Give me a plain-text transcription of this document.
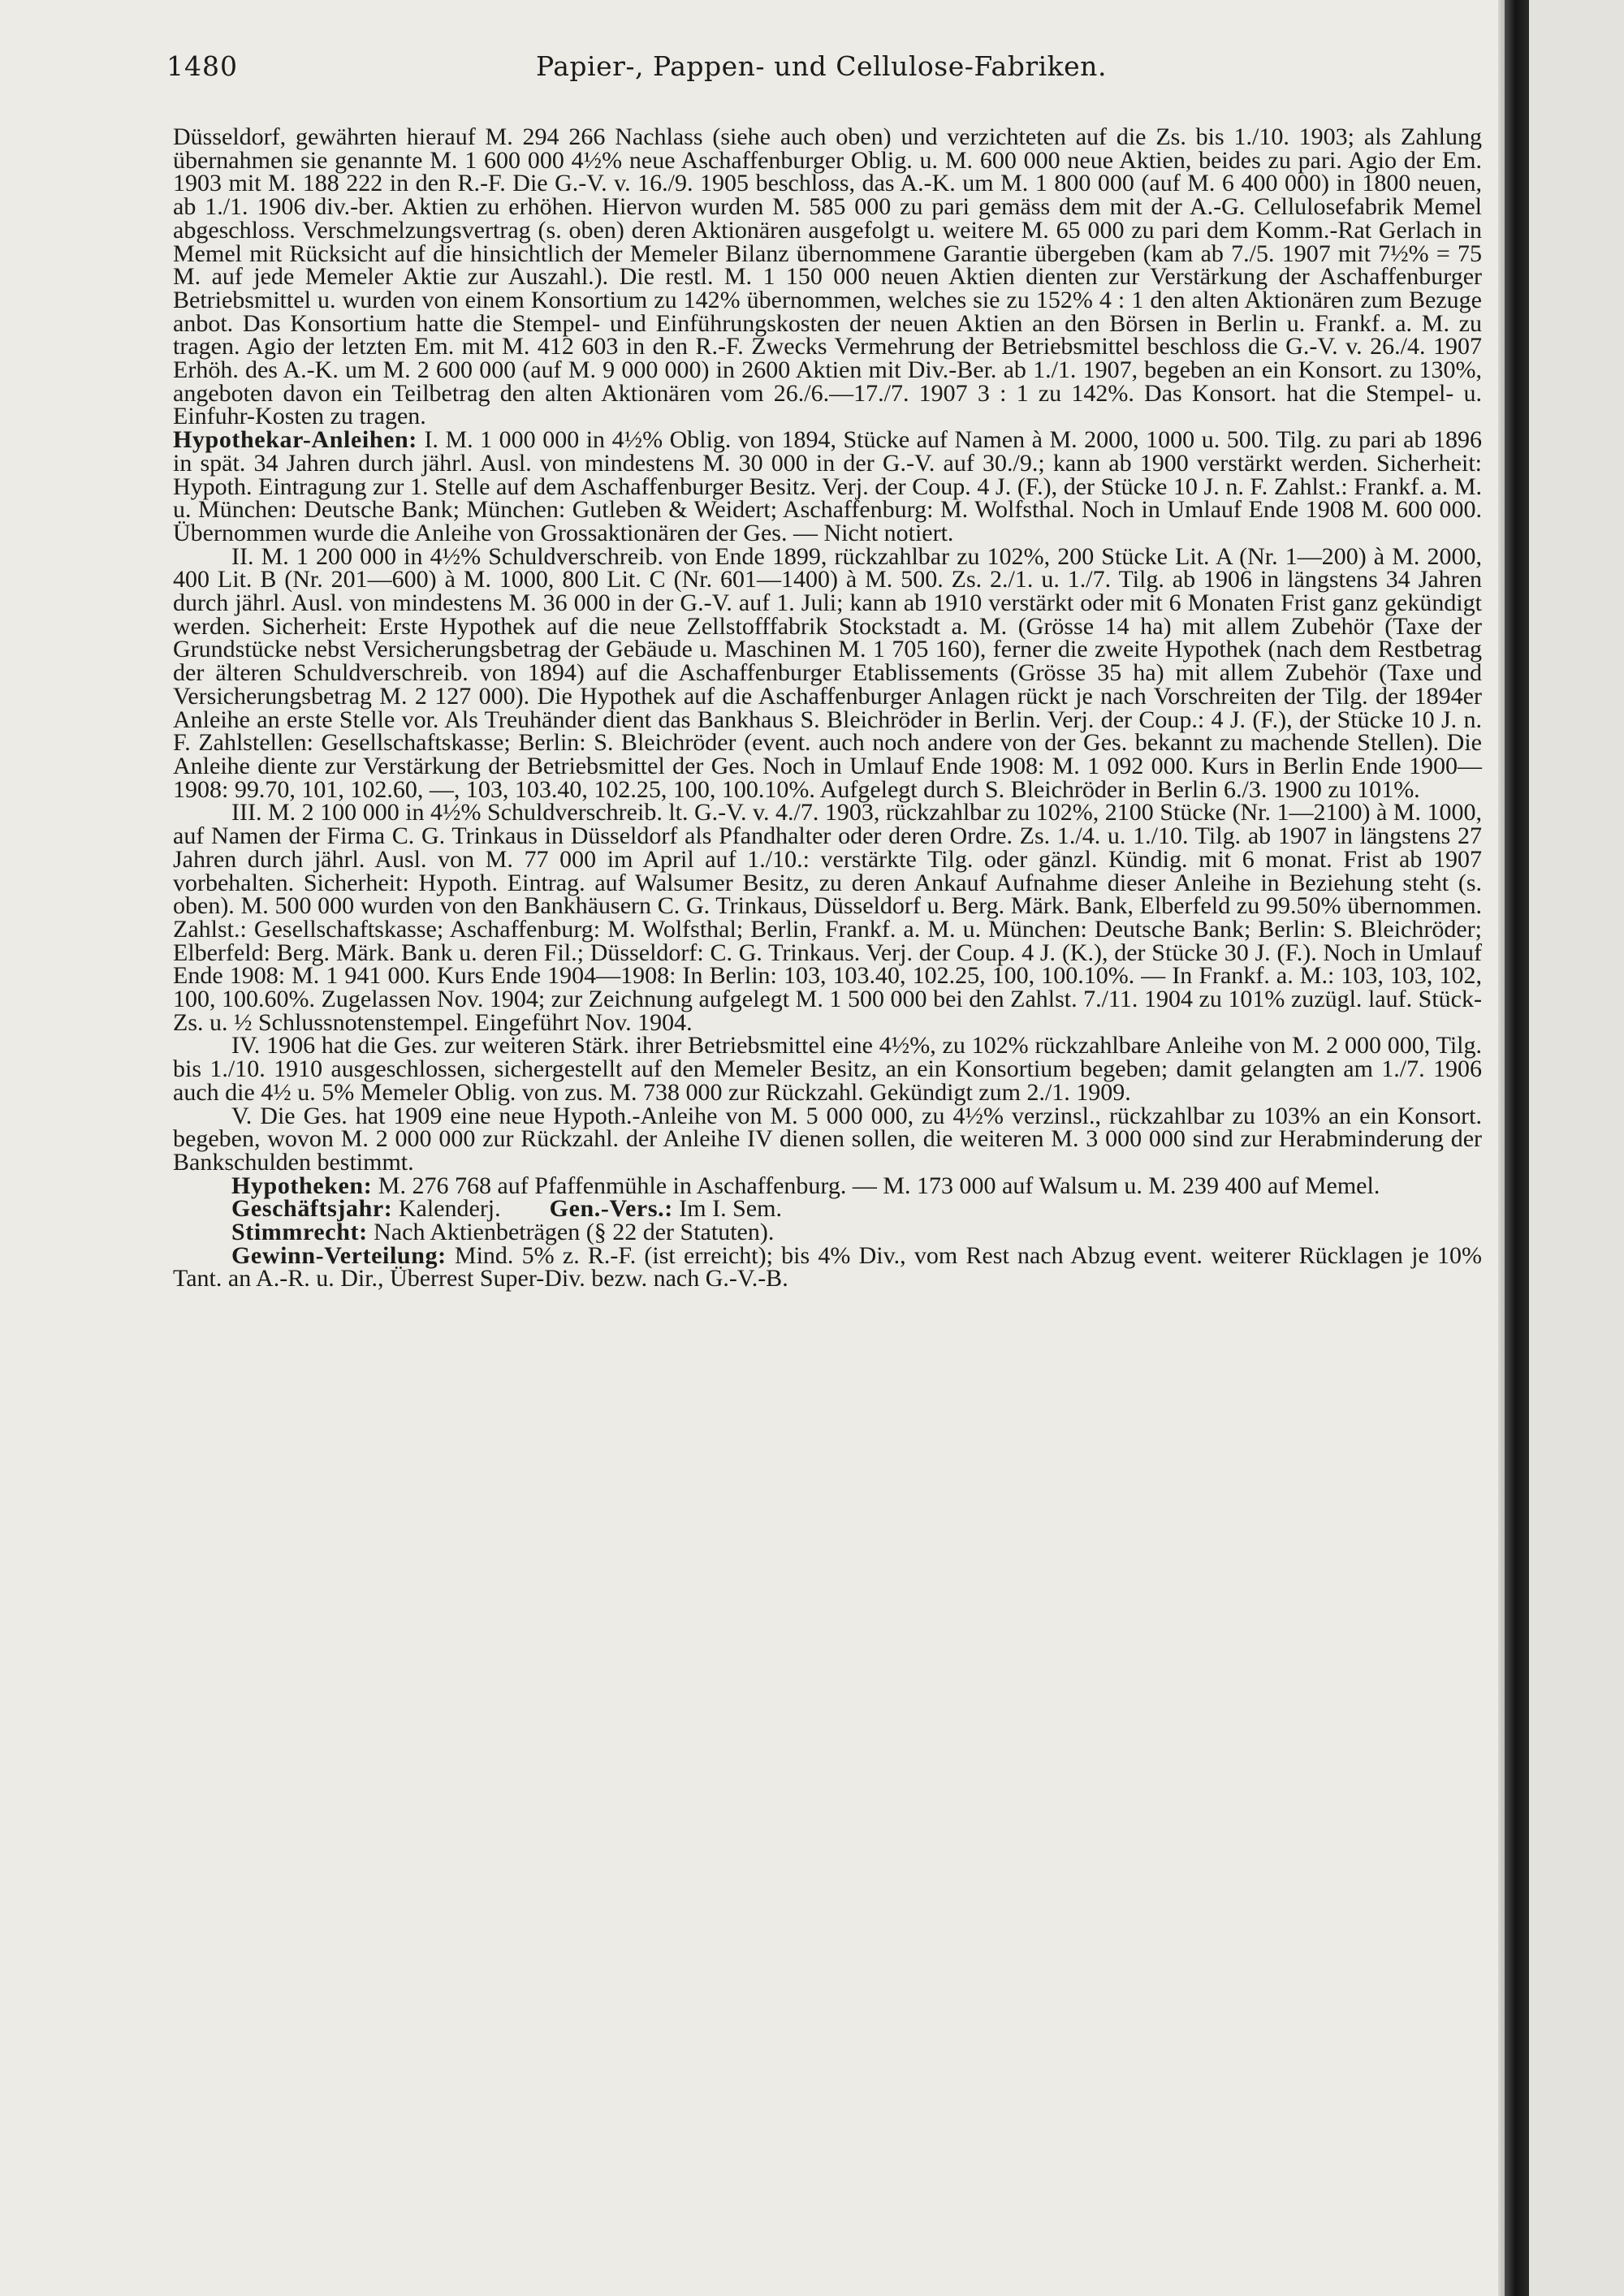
1480	Papier-, Pappen- und Cellulose-Fabriken.

Düsseldorf, gewährten hierauf M. 294 266 Nachlass (siehe auch oben) und verzichteten auf die Zs. bis 1./10. 1903; als Zahlung übernahmen sie genannte M. 1 600 000 4½% neue Aschaffenburger Oblig. u. M. 600 000 neue Aktien, beides zu pari. Agio der Em. 1903 mit M. 188 222 in den R.-F. Die G.-V. v. 16./9. 1905 beschloss, das A.-K. um M. 1 800 000 (auf M. 6 400 000) in 1800 neuen, ab 1./1. 1906 div.-ber. Aktien zu erhöhen. Hiervon wurden M. 585 000 zu pari gemäss dem mit der A.-G. Cellulosefabrik Memel abgeschloss. Verschmelzungsvertrag (s. oben) deren Aktionären ausgefolgt u. weitere M. 65 000 zu pari dem Komm.-Rat Gerlach in Memel mit Rücksicht auf die hinsichtlich der Memeler Bilanz übernommene Garantie übergeben (kam ab 7./5. 1907 mit 7½% = 75 M. auf jede Memeler Aktie zur Auszahl.). Die restl. M. 1 150 000 neuen Aktien dienten zur Verstärkung der Aschaffenburger Betriebsmittel u. wurden von einem Konsortium zu 142% übernommen, welches sie zu 152% 4 : 1 den alten Aktionären zum Bezuge anbot. Das Konsortium hatte die Stempel- und Einführungskosten der neuen Aktien an den Börsen in Berlin u. Frankf. a. M. zu tragen. Agio der letzten Em. mit M. 412 603 in den R.-F. Zwecks Vermehrung der Betriebsmittel beschloss die G.-V. v. 26./4. 1907 Erhöh. des A.-K. um M. 2 600 000 (auf M. 9 000 000) in 2600 Aktien mit Div.-Ber. ab 1./1. 1907, begeben an ein Konsort. zu 130%, angeboten davon ein Teilbetrag den alten Aktionären vom 26./6.—17./7. 1907 3 : 1 zu 142%. Das Konsort. hat die Stempel- u. Einfuhr-Kosten zu tragen.

Hypothekar-Anleihen: I. M. 1 000 000 in 4½% Oblig. von 1894, Stücke auf Namen à M. 2000, 1000 u. 500. Tilg. zu pari ab 1896 in spät. 34 Jahren durch jährl. Ausl. von mindestens M. 30 000 in der G.-V. auf 30./9.; kann ab 1900 verstärkt werden. Sicherheit: Hypoth. Eintragung zur 1. Stelle auf dem Aschaffenburger Besitz. Verj. der Coup. 4 J. (F.), der Stücke 10 J. n. F. Zahlst.: Frankf. a. M. u. München: Deutsche Bank; München: Gutleben & Weidert; Aschaffenburg: M. Wolfsthal. Noch in Umlauf Ende 1908 M. 600 000. Übernommen wurde die Anleihe von Grossaktionären der Ges. — Nicht notiert.

II. M. 1 200 000 in 4½% Schuldverschreib. von Ende 1899, rückzahlbar zu 102%, 200 Stücke Lit. A (Nr. 1—200) à M. 2000, 400 Lit. B (Nr. 201—600) à M. 1000, 800 Lit. C (Nr. 601—1400) à M. 500. Zs. 2./1. u. 1./7. Tilg. ab 1906 in längstens 34 Jahren durch jährl. Ausl. von mindestens M. 36 000 in der G.-V. auf 1. Juli; kann ab 1910 verstärkt oder mit 6 Monaten Frist ganz gekündigt werden. Sicherheit: Erste Hypothek auf die neue Zellstofffabrik Stockstadt a. M. (Grösse 14 ha) mit allem Zubehör (Taxe der Grundstücke nebst Versicherungsbetrag der Gebäude u. Maschinen M. 1 705 160), ferner die zweite Hypothek (nach dem Restbetrag der älteren Schuldverschreib. von 1894) auf die Aschaffenburger Etablissements (Grösse 35 ha) mit allem Zubehör (Taxe und Versicherungsbetrag M. 2 127 000). Die Hypothek auf die Aschaffenburger Anlagen rückt je nach Vorschreiten der Tilg. der 1894er Anleihe an erste Stelle vor. Als Treuhänder dient das Bankhaus S. Bleichröder in Berlin. Verj. der Coup.: 4 J. (F.), der Stücke 10 J. n. F. Zahlstellen: Gesellschaftskasse; Berlin: S. Bleichröder (event. auch noch andere von der Ges. bekannt zu machende Stellen). Die Anleihe diente zur Verstärkung der Betriebsmittel der Ges. Noch in Umlauf Ende 1908: M. 1 092 000. Kurs in Berlin Ende 1900—1908: 99.70, 101, 102.60, —, 103, 103.40, 102.25, 100, 100.10%. Aufgelegt durch S. Bleichröder in Berlin 6./3. 1900 zu 101%.

III. M. 2 100 000 in 4½% Schuldverschreib. lt. G.-V. v. 4./7. 1903, rückzahlbar zu 102%, 2100 Stücke (Nr. 1—2100) à M. 1000, auf Namen der Firma C. G. Trinkaus in Düsseldorf als Pfandhalter oder deren Ordre. Zs. 1./4. u. 1./10. Tilg. ab 1907 in längstens 27 Jahren durch jährl. Ausl. von M. 77 000 im April auf 1./10.: verstärkte Tilg. oder gänzl. Kündig. mit 6 monat. Frist ab 1907 vorbehalten. Sicherheit: Hypoth. Eintrag. auf Walsumer Besitz, zu deren Ankauf Aufnahme dieser Anleihe in Beziehung steht (s. oben). M. 500 000 wurden von den Bankhäusern C. G. Trinkaus, Düsseldorf u. Berg. Märk. Bank, Elberfeld zu 99.50% übernommen. Zahlst.: Gesellschaftskasse; Aschaffenburg: M. Wolfsthal; Berlin, Frankf. a. M. u. München: Deutsche Bank; Berlin: S. Bleichröder; Elberfeld: Berg. Märk. Bank u. deren Fil.; Düsseldorf: C. G. Trinkaus. Verj. der Coup. 4 J. (K.), der Stücke 30 J. (F.). Noch in Umlauf Ende 1908: M. 1 941 000. Kurs Ende 1904—1908: In Berlin: 103, 103.40, 102.25, 100, 100.10%. — In Frankf. a. M.: 103, 103, 102, 100, 100.60%. Zugelassen Nov. 1904; zur Zeichnung aufgelegt M. 1 500 000 bei den Zahlst. 7./11. 1904 zu 101% zuzügl. lauf. Stück-Zs. u. ½ Schlussnotenstempel. Eingeführt Nov. 1904.

IV. 1906 hat die Ges. zur weiteren Stärk. ihrer Betriebsmittel eine 4½%, zu 102% rückzahlbare Anleihe von M. 2 000 000, Tilg. bis 1./10. 1910 ausgeschlossen, sichergestellt auf den Memeler Besitz, an ein Konsortium begeben; damit gelangten am 1./7. 1906 auch die 4½ u. 5% Memeler Oblig. von zus. M. 738 000 zur Rückzahl. Gekündigt zum 2./1. 1909.

V. Die Ges. hat 1909 eine neue Hypoth.-Anleihe von M. 5 000 000, zu 4½% verzinsl., rückzahlbar zu 103% an ein Konsort. begeben, wovon M. 2 000 000 zur Rückzahl. der Anleihe IV dienen sollen, die weiteren M. 3 000 000 sind zur Herabminderung der Bankschulden bestimmt.

Hypotheken: M. 276 768 auf Pfaffenmühle in Aschaffenburg. — M. 173 000 auf Walsum u. M. 239 400 auf Memel.

Geschäftsjahr: Kalenderj. Gen.-Vers.: Im I. Sem.

Stimmrecht: Nach Aktienbeträgen (§ 22 der Statuten).

Gewinn-Verteilung: Mind. 5% z. R.-F. (ist erreicht); bis 4% Div., vom Rest nach Abzug event. weiterer Rücklagen je 10% Tant. an A.-R. u. Dir., Überrest Super-Div. bezw. nach G.-V.-B.
